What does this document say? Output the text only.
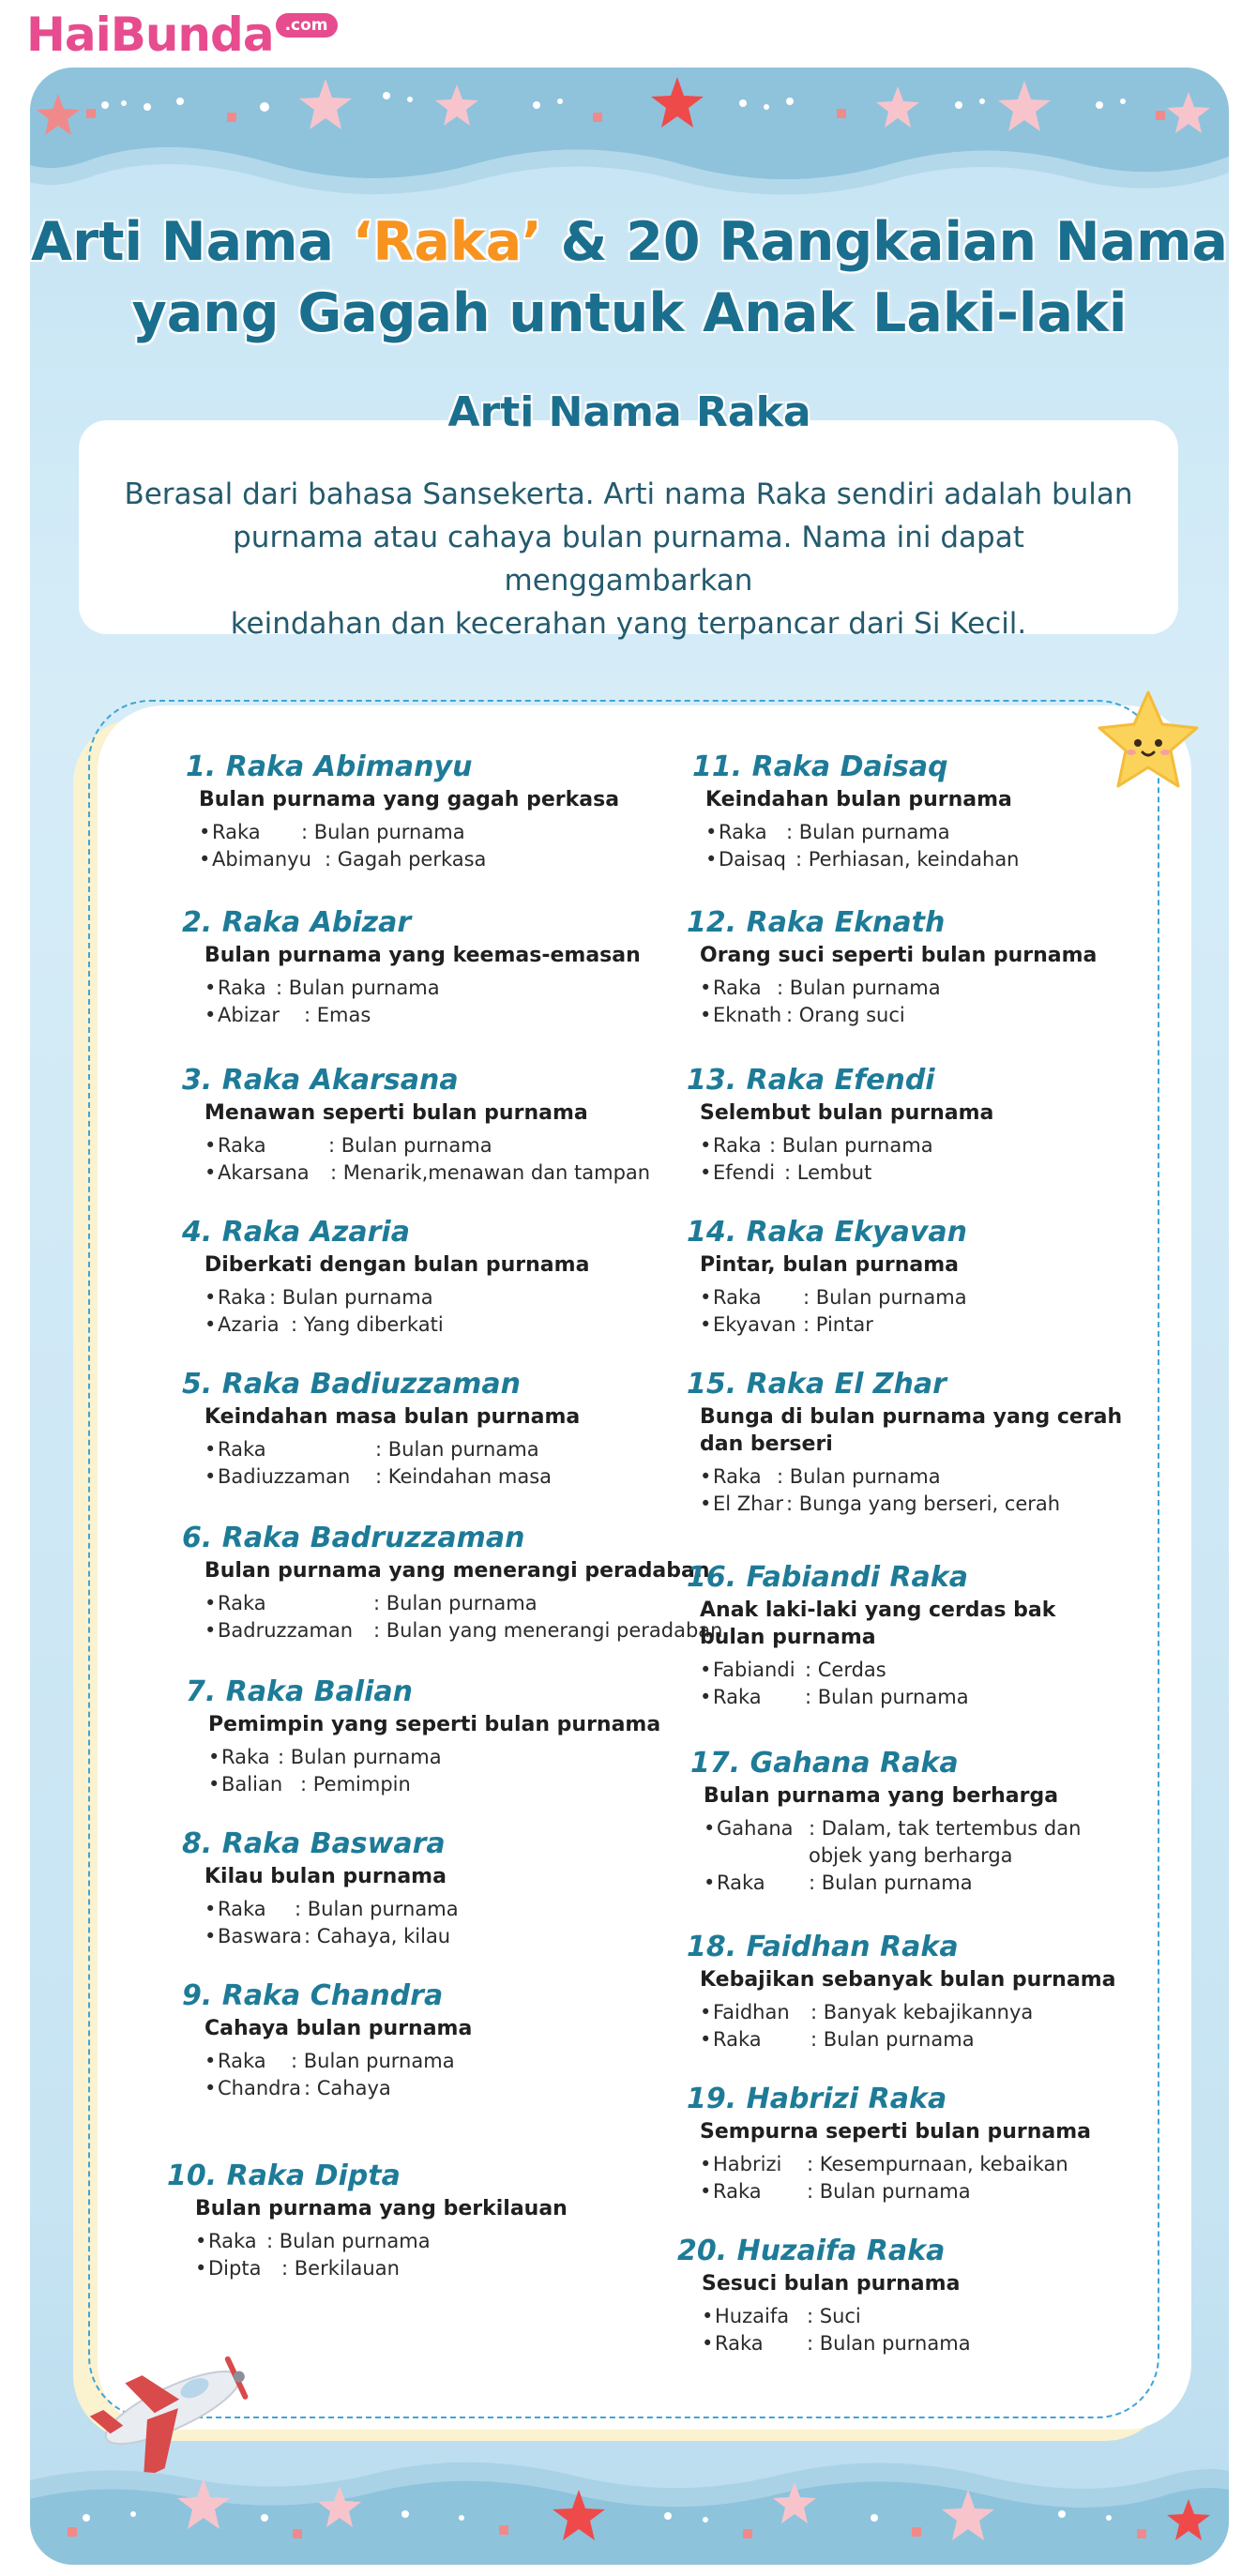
HaiBunda .com
Arti Nama ‘Raka’ & 20 Rangkaian Nama
yang Gagah untuk Anak Laki-laki

Berasal dari bahasa Sansekerta. Arti nama Raka sendiri adalah bulan
purnama atau cahaya bulan purnama. Nama ini dapat menggambarkan
keindahan dan kecerahan yang terpancar dari Si Kecil.

Arti Nama Raka
1. Raka Abimanyu
Bulan purnama yang gagah perkasa
•Raka : Bulan purnama
•Abimanyu : Gagah perkasa
2. Raka Abizar
Bulan purnama yang keemas-emasan
•Raka : Bulan purnama
•Abizar : Emas
3. Raka Akarsana
Menawan seperti bulan purnama
•Raka	: Bulan purnama
•Akarsana : Menarik,menawan dan tampan
4. Raka Azaria
Diberkati dengan bulan purnama
•Raka : Bulan purnama
•Azaria : Yang diberkati
5. Raka Badiuzzaman
Keindahan masa bulan purnama
•Raka	: Bulan purnama
•Badiuzzaman : Keindahan masa
6. Raka Badruzzaman
Bulan purnama yang menerangi peradaban
•Raka	: Bulan purnama
•Badruzzaman : Bulan yang menerangi peradaban
7. Raka Balian
Pemimpin yang seperti bulan purnama
•Raka : Bulan purnama
•Balian : Pemimpin
8. Raka Baswara
Kilau bulan purnama
•Raka : Bulan purnama
•Baswara : Cahaya, kilau
9. Raka Chandra
Cahaya bulan purnama
•Raka : Bulan purnama
•Chandra : Cahaya
10. Raka Dipta
Bulan purnama yang berkilauan
•Raka : Bulan purnama
•Dipta : Berkilauan
11. Raka Daisaq
Keindahan bulan purnama
•Raka : Bulan purnama
•Daisaq : Perhiasan, keindahan
12. Raka Eknath
Orang suci seperti bulan purnama
•Raka : Bulan purnama
•Eknath : Orang suci
13. Raka Efendi
Selembut bulan purnama
•Raka : Bulan purnama
•Efendi : Lembut
14. Raka Ekyavan
Pintar, bulan purnama
•Raka : Bulan purnama
•Ekyavan : Pintar
15. Raka El Zhar
Bunga di bulan purnama yang cerah
dan berseri
•Raka : Bulan purnama
•El Zhar : Bunga yang berseri, cerah
16. Fabiandi Raka
Anak laki-laki yang cerdas bak
bulan purnama
•Fabiandi : Cerdas
•Raka : Bulan purnama
17. Gahana Raka
Bulan purnama yang berharga
•Gahana : Dalam, tak tertembus dan
objek yang berharga
•Raka : Bulan purnama
18. Faidhan Raka
Kebajikan sebanyak bulan purnama
•Faidhan : Banyak kebajikannya
•Raka : Bulan purnama
19. Habrizi Raka
Sempurna seperti bulan purnama
•Habrizi : Kesempurnaan, kebaikan
•Raka : Bulan purnama
20. Huzaifa Raka
Sesuci bulan purnama
•Huzaifa : Suci
•Raka : Bulan purnama
